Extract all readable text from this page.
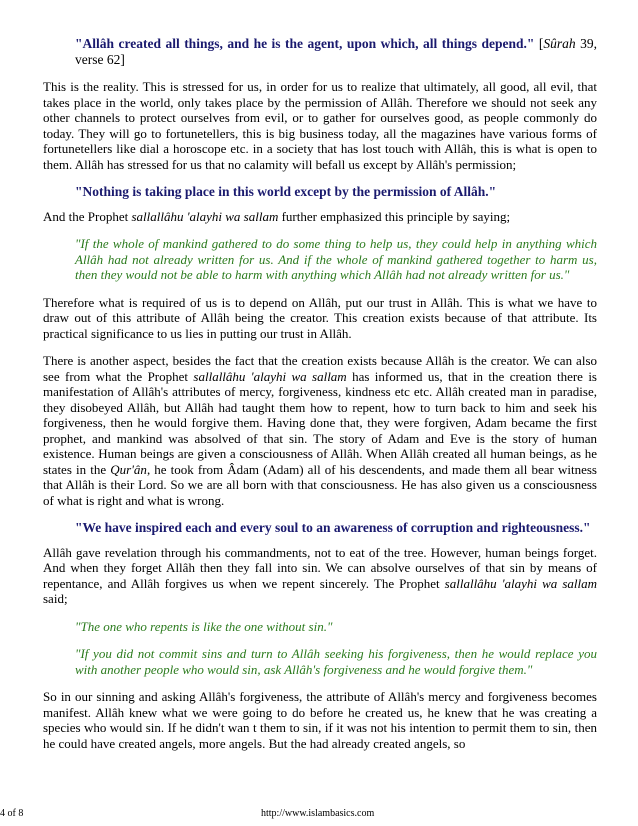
"Allâh created all things, and he is the agent, upon which, all things depend." [Sûrah 39, verse 62]

This is the reality. This is stressed for us, in order for us to realize that ultimately, all good, all evil, that takes place in the world, only takes place by the permission of Allâh. Therefore we should not seek any other channels to protect ourselves from evil, or to gather for ourselves good, as people commonly do today. They will go to fortunetellers, this is big business today, all the magazines have various forms of fortunetellers like dial a horoscope etc. in a society that has lost touch with Allâh, this is what is open to them. Allâh has stressed for us that no calamity will befall us except by Allâh's permission;

"Nothing is taking place in this world except by the permission of Allâh."

And the Prophet sallallâhu 'alayhi wa sallam further emphasized this principle by saying;

"If the whole of mankind gathered to do some thing to help us, they could help in anything which Allâh had not already written for us. And if the whole of mankind gathered together to harm us, then they would not be able to harm with anything which Allâh had not already written for us."

Therefore what is required of us is to depend on Allâh, put our trust in Allâh. This is what we have to draw out of this attribute of Allâh being the creator. This creation exists because of that attribute. Its practical significance to us lies in putting our trust in Allâh.

There is another aspect, besides the fact that the creation exists because Allâh is the creator. We can also see from what the Prophet sallallâhu 'alayhi wa sallam has informed us, that in the creation there is manifestation of Allâh's attributes of mercy, forgiveness, kindness etc etc. Allâh created man in paradise, they disobeyed Allâh, but Allâh had taught them how to repent, how to turn back to him and seek his forgiveness, then he would forgive them. Having done that, they were forgiven, Adam became the first prophet, and mankind was absolved of that sin. The story of Adam and Eve is the story of human existence. Human beings are given a consciousness of Allâh. When Allâh created all human beings, as he states in the Qur'ân, he took from Âdam (Adam) all of his descendents, and made them all bear witness that Allâh is their Lord. So we are all born with that consciousness. He has also given us a consciousness of what is right and what is wrong.

"We have inspired each and every soul to an awareness of corruption and righteousness."

Allâh gave revelation through his commandments, not to eat of the tree. However, human beings forget. And when they forget Allâh then they fall into sin. We can absolve ourselves of that sin by means of repentance, and Allâh forgives us when we repent sincerely. The Prophet sallallâhu 'alayhi wa sallam said;

"The one who repents is like the one without sin."

"If you did not commit sins and turn to Allâh seeking his forgiveness, then he would replace you with another people who would sin, ask Allâh's forgiveness and he would forgive them."

So in our sinning and asking Allâh's forgiveness, the attribute of Allâh's mercy and forgiveness becomes manifest. Allâh knew what we were going to do before he created us, he knew that he was creating a species who would sin. If he didn't wan t them to sin, if it was not his intention to permit them to sin, then he could have created angels, more angels. But the had already created angels, so

4 of 8	http://www.islambasics.com
